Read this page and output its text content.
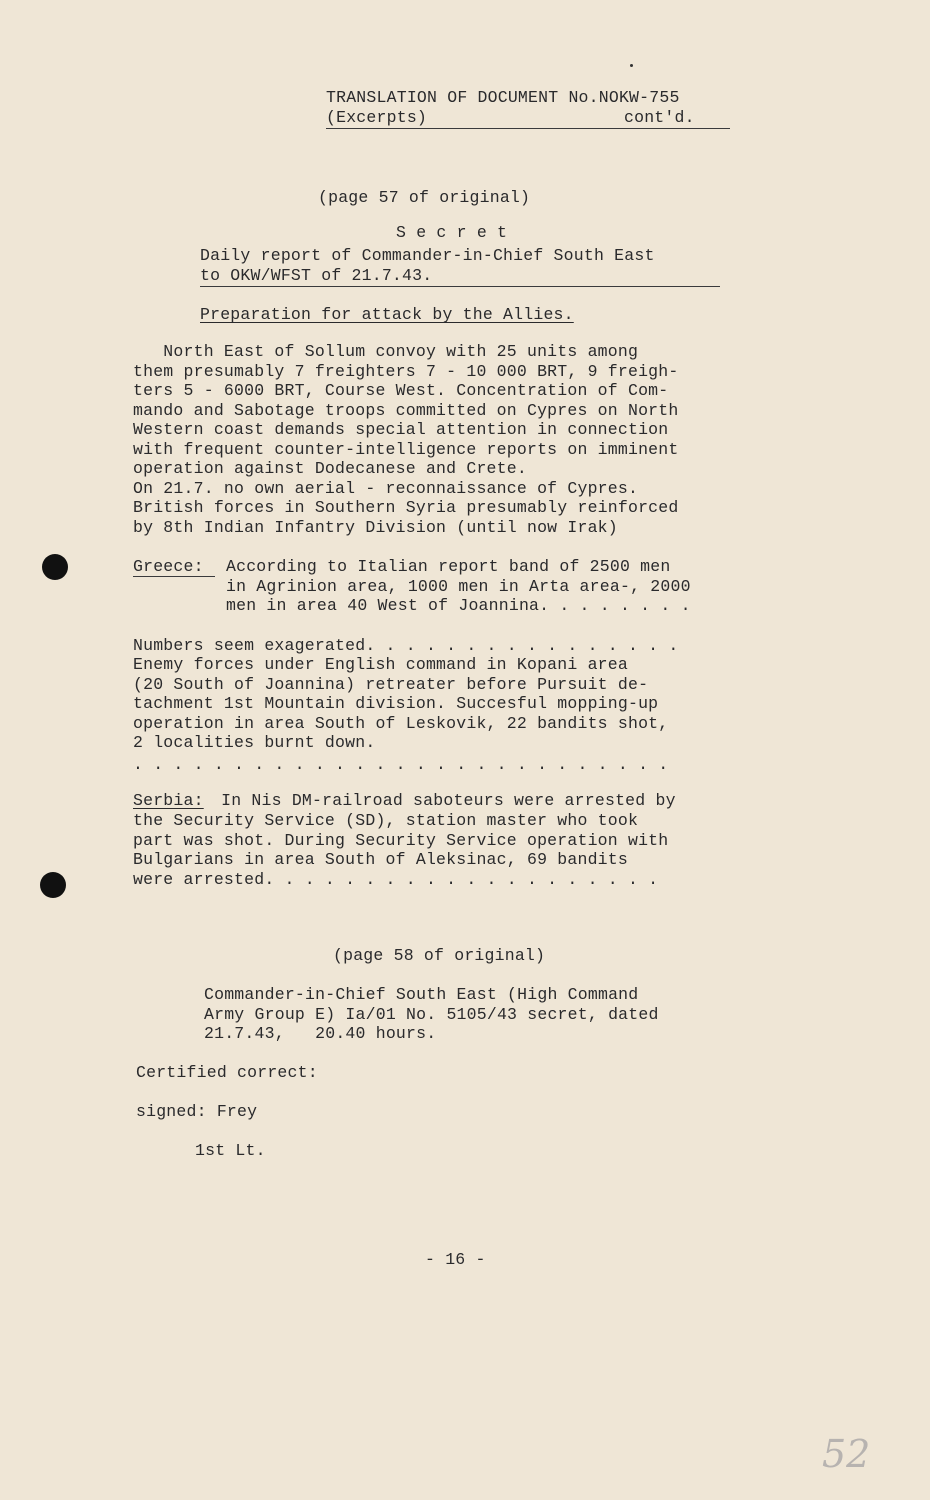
TRANSLATION OF DOCUMENT No.NOKW-755
(Excerpts)	cont'd.
(page 57 of original)
S e c r e t
Daily report of Commander-in-Chief South East
to OKW/WFST of 21.7.43.
Preparation for attack by the Allies.
North East of Sollum convoy with 25 units among
them presumably 7 freighters 7 - 10 000 BRT, 9 freigh-
ters 5 - 6000 BRT, Course West. Concentration of Com-
mando and Sabotage troops committed on Cypres on North
Western coast demands special attention in connection
with frequent counter-intelligence reports on imminent
operation against Dodecanese and Crete.
On 21.7. no own aerial - reconnaissance of Cypres.
British forces in Southern Syria presumably reinforced
by 8th Indian Infantry Division (until now Irak)
Greece: According to Italian report band of 2500 men
in Agrinion area, 1000 men in Arta area-, 2000
men in area 40 West of Joannina. . . . . . . .
Numbers seem exagerated. . . . . . . . . . . . . . . .
Enemy forces under English command in Kopani area
(20 South of Joannina) retreater before Pursuit de-
tachment 1st Mountain division. Succesful mopping-up
operation in area South of Leskovik, 22 bandits shot,
2 localities burnt down.
. . . . . . . . . . . . . . . . . . . . . . . . . . .
Serbia: In Nis DM-railroad saboteurs were arrested by
the Security Service (SD), station master who took
part was shot. During Security Service operation with
Bulgarians in area South of Aleksinac, 69 bandits
were arrested. . . . . . . . . . . . . . . . . . . .
(page 58 of original)
Commander-in-Chief South East (High Command
Army Group E) Ia/01 No. 5105/43 secret, dated
21.7.43,   20.40 hours.
Certified correct:
signed: Frey
1st Lt.
- 16 -
52
